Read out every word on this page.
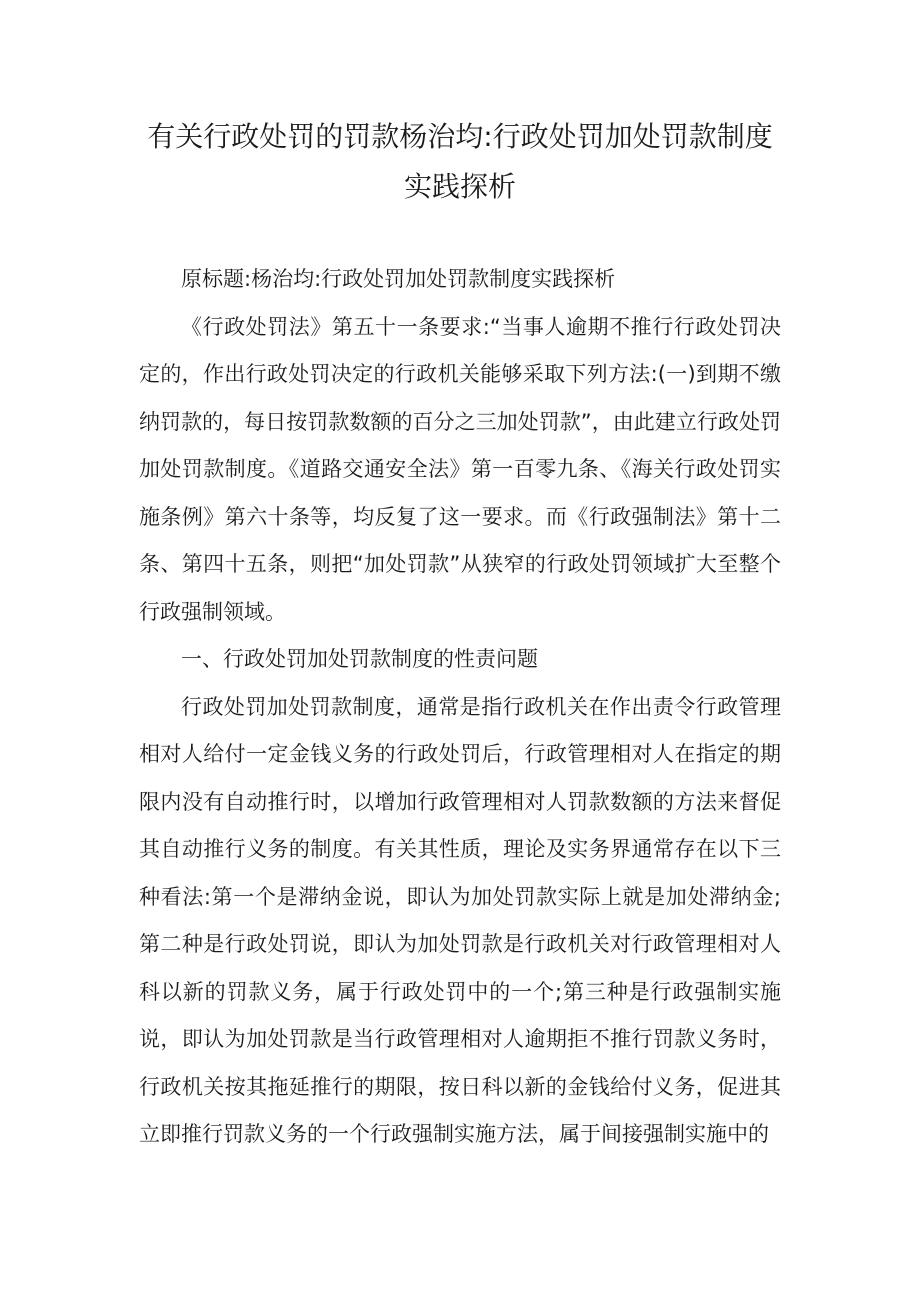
有关行政处罚的罚款杨治均:行政处罚加处罚款制度
实践探析

原标题:杨治均:行政处罚加处罚款制度实践探析

《行政处罚法》第五十一条要求:“当事人逾期不推行行政处罚决定的，作出行政处罚决定的行政机关能够采取下列方法:(一)到期不缴纳罚款的，每日按罚款数额的百分之三加处罚款”，由此建立行政处罚加处罚款制度。《道路交通安全法》第一百零九条、《海关行政处罚实施条例》第六十条等，均反复了这一要求。而《行政强制法》第十二条、第四十五条，则把“加处罚款”从狭窄的行政处罚领域扩大至整个行政强制领域。

一、行政处罚加处罚款制度的性责问题

行政处罚加处罚款制度，通常是指行政机关在作出责令行政管理相对人给付一定金钱义务的行政处罚后，行政管理相对人在指定的期限内没有自动推行时，以增加行政管理相对人罚款数额的方法来督促其自动推行义务的制度。有关其性质，理论及实务界通常存在以下三种看法:第一个是滞纳金说，即认为加处罚款实际上就是加处滞纳金;第二种是行政处罚说，即认为加处罚款是行政机关对行政管理相对人科以新的罚款义务，属于行政处罚中的一个;第三种是行政强制实施说，即认为加处罚款是当行政管理相对人逾期拒不推行罚款义务时，行政机关按其拖延推行的期限，按日科以新的金钱给付义务，促进其立即推行罚款义务的一个行政强制实施方法，属于间接强制实施中的
